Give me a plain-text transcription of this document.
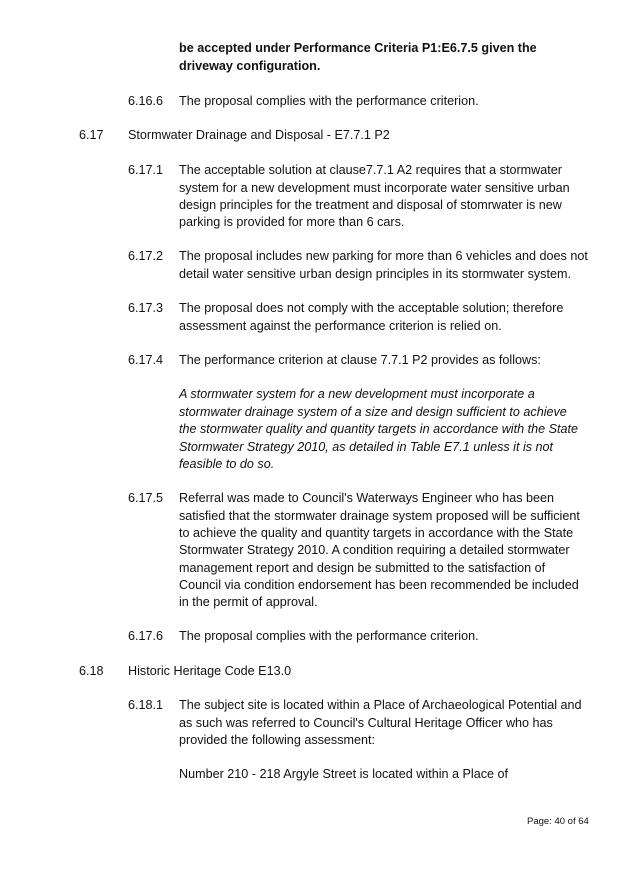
be accepted under Performance Criteria P1:E6.7.5 given the
driveway configuration.
6.16.6 The proposal complies with the performance criterion.
6.17 Stormwater Drainage and Disposal - E7.7.1 P2
6.17.1 The acceptable solution at clause7.7.1 A2 requires that a stormwater
system for a new development must incorporate water sensitive urban
design principles for the treatment and disposal of stomrwater is new
parking is provided for more than 6 cars.
6.17.2 The proposal includes new parking for more than 6 vehicles and does not
detail water sensitive urban design principles in its stormwater system.
6.17.3 The proposal does not comply with the acceptable solution; therefore
assessment against the performance criterion is relied on.
6.17.4 The performance criterion at clause 7.7.1 P2 provides as follows:
A stormwater system for a new development must incorporate a
stormwater drainage system of a size and design sufficient to achieve
the stormwater quality and quantity targets in accordance with the State
Stormwater Strategy 2010, as detailed in Table E7.1 unless it is not
feasible to do so.
6.17.5 Referral was made to Council's Waterways Engineer who has been
satisfied that the stormwater drainage system proposed will be sufficient
to achieve the quality and quantity targets in accordance with the State
Stormwater Strategy 2010. A condition requiring a detailed stormwater
management report and design be submitted to the satisfaction of
Council via condition endorsement has been recommended be included
in the permit of approval.
6.17.6 The proposal complies with the performance criterion.
6.18 Historic Heritage Code E13.0
6.18.1 The subject site is located within a Place of Archaeological Potential and
as such was referred to Council's Cultural Heritage Officer who has
provided the following assessment:
Number 210 - 218 Argyle Street is located within a Place of
Page: 40 of 64
